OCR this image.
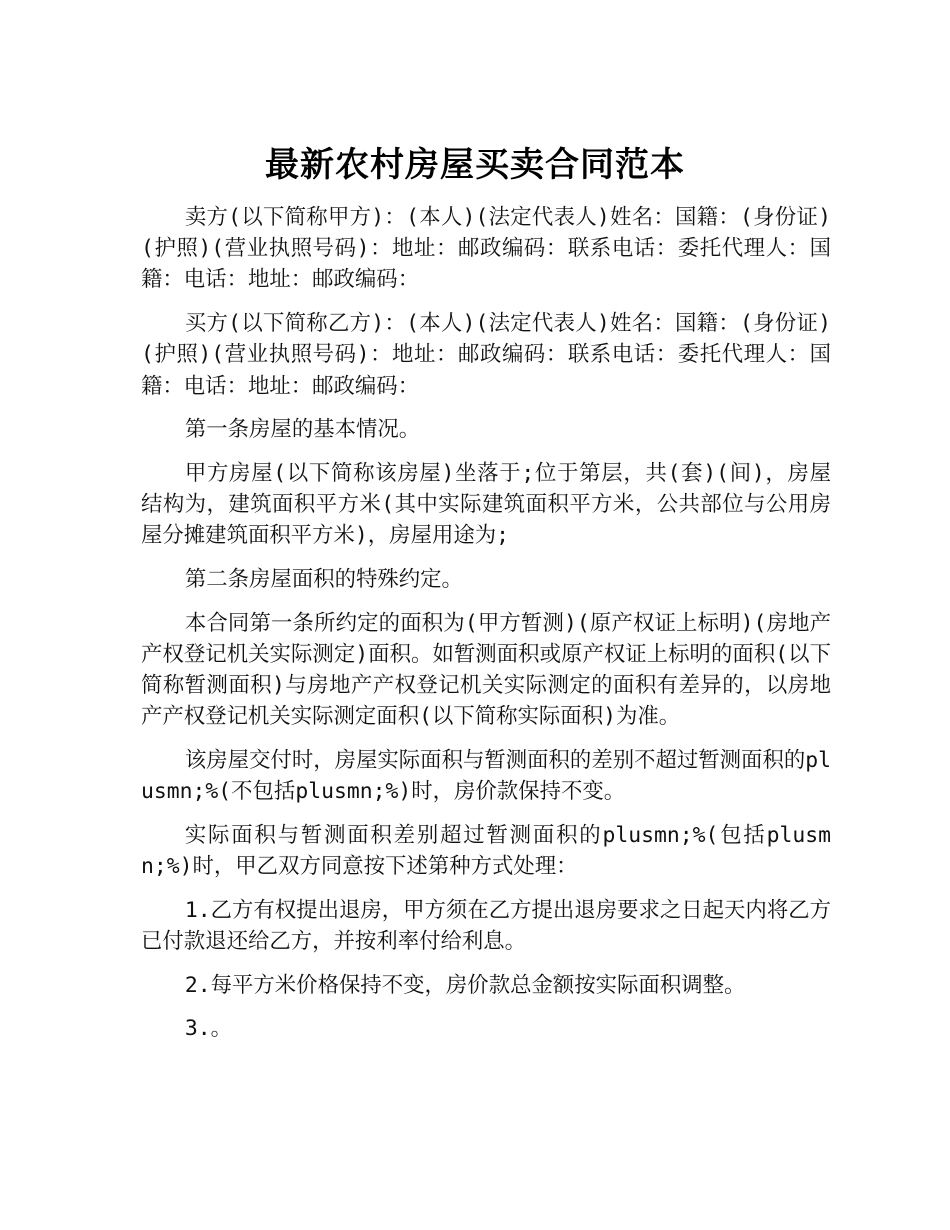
最新农村房屋买卖合同范本

卖方(以下简称甲方)：(本人)(法定代表人)姓名：国籍：(身份证)(护照)(营业执照号码)：地址：邮政编码：联系电话：委托代理人：国籍：电话：地址：邮政编码：

买方(以下简称乙方)：(本人)(法定代表人)姓名：国籍：(身份证)(护照)(营业执照号码)：地址：邮政编码：联系电话：委托代理人：国籍：电话：地址：邮政编码：

第一条房屋的基本情况。

甲方房屋(以下简称该房屋)坐落于;位于第层，共(套)(间)，房屋结构为，建筑面积平方米(其中实际建筑面积平方米，公共部位与公用房屋分摊建筑面积平方米)，房屋用途为;

第二条房屋面积的特殊约定。

本合同第一条所约定的面积为(甲方暂测)(原产权证上标明)(房地产产权登记机关实际测定)面积。如暂测面积或原产权证上标明的面积(以下简称暂测面积)与房地产产权登记机关实际测定的面积有差异的，以房地产产权登记机关实际测定面积(以下简称实际面积)为准。

该房屋交付时，房屋实际面积与暂测面积的差别不超过暂测面积的plusmn;%(不包括plusmn;%)时，房价款保持不变。

实际面积与暂测面积差别超过暂测面积的plusmn;%(包括plusmn;%)时，甲乙双方同意按下述第种方式处理：

1.乙方有权提出退房，甲方须在乙方提出退房要求之日起天内将乙方已付款退还给乙方，并按利率付给利息。

2.每平方米价格保持不变，房价款总金额按实际面积调整。

3.。
